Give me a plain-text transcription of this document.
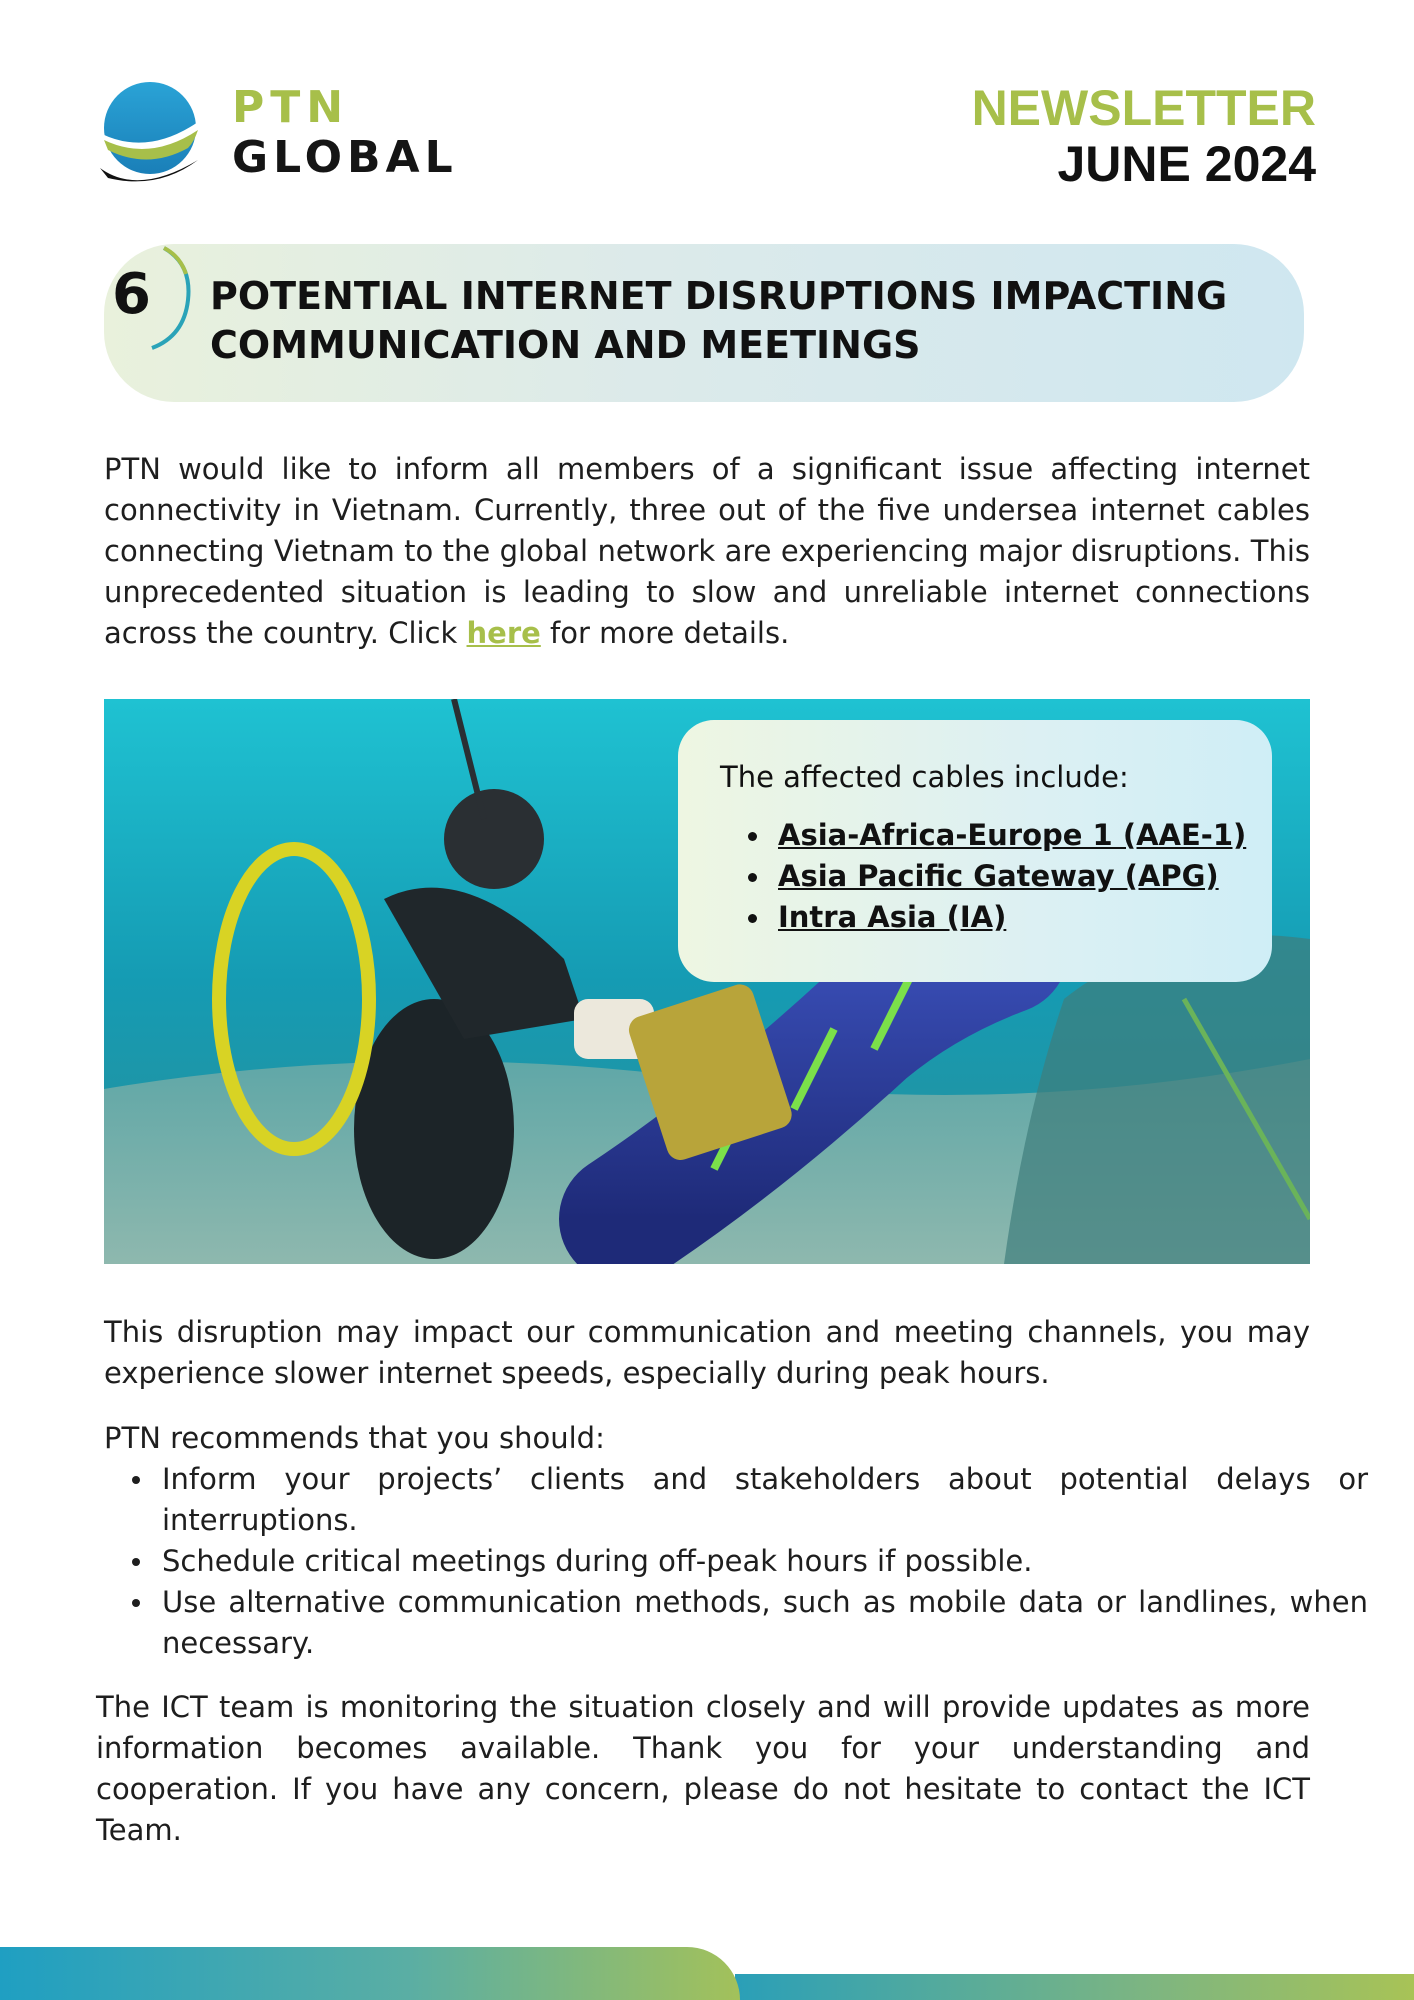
PTN
GLOBAL
NEWSLETTER
JUNE 2024
6 POTENTIAL INTERNET DISRUPTIONS IMPACTING COMMUNICATION AND MEETINGS

PTN would like to inform all members of a significant issue affecting internet connectivity in Vietnam. Currently, three out of the five undersea internet cables connecting Vietnam to the global network are experiencing major disruptions. This unprecedented situation is leading to slow and unreliable internet connections across the country. Click here for more details.

The affected cables include:
Asia-Africa-Europe 1 (AAE-1)
Asia Pacific Gateway (APG)
Intra Asia (IA)

This disruption may impact our communication and meeting channels, you may experience slower internet speeds, especially during peak hours.

PTN recommends that you should:

Inform your projects’ clients and stakeholders about potential delays or interruptions.
Schedule critical meetings during off-peak hours if possible.
Use alternative communication methods, such as mobile data or landlines, when necessary.

The ICT team is monitoring the situation closely and will provide updates as more information becomes available. Thank you for your understanding and cooperation. If you have any concern, please do not hesitate to contact the ICT Team.
